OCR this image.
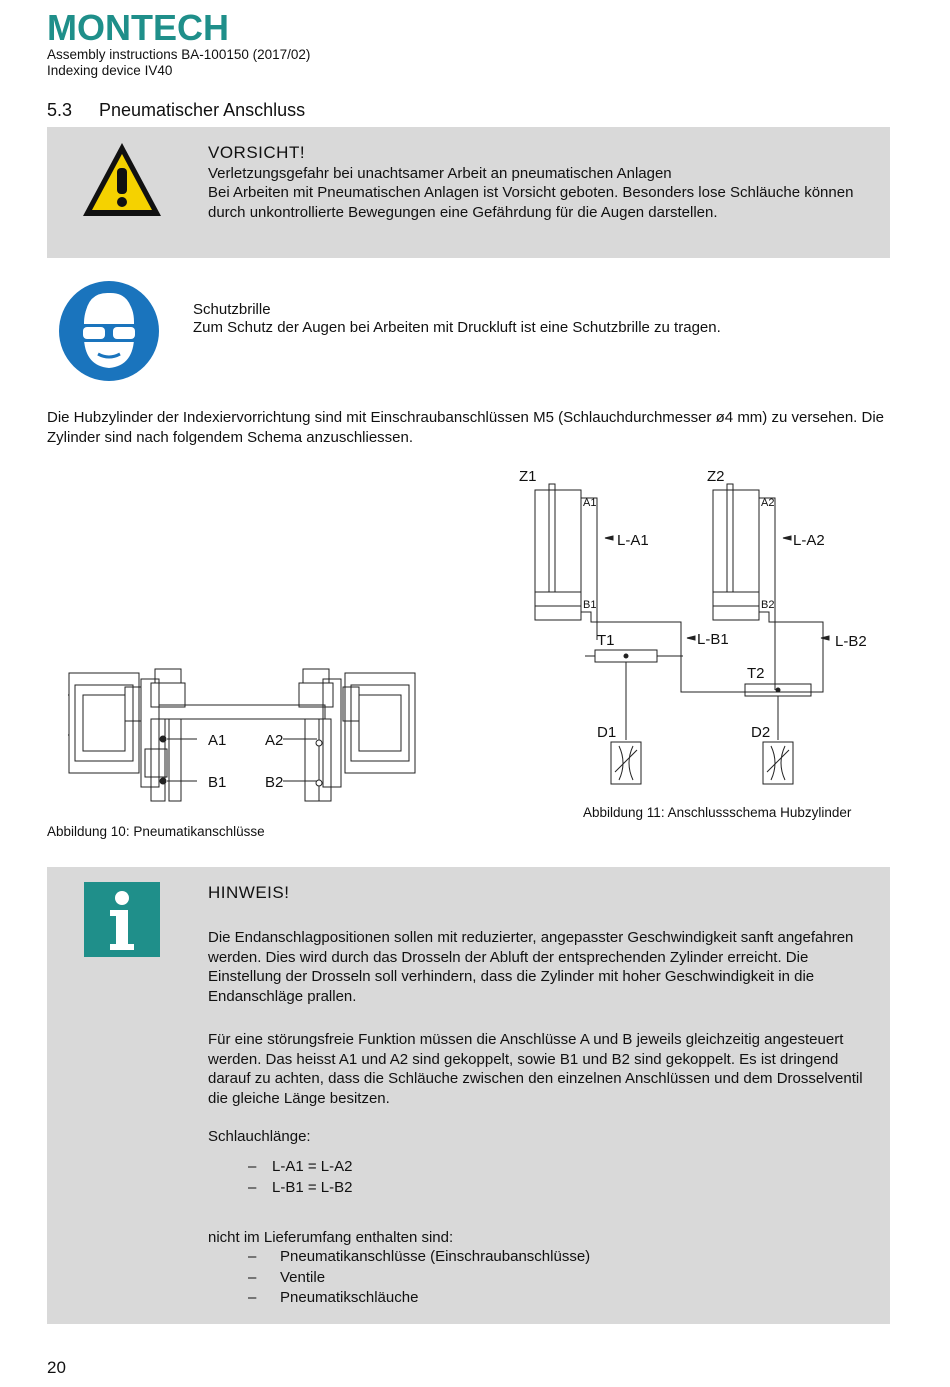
MONTECH
Assembly instructions BA-100150 (2017/02)
Indexing device IV40
5.3 Pneumatischer Anschluss
VORSICHT!
Verletzungsgefahr bei unachtsamer Arbeit an pneumatischen Anlagen
Bei Arbeiten mit Pneumatischen Anlagen ist Vorsicht geboten. Besonders lose Schläuche können durch unkontrollierte Bewegungen eine Gefährdung für die Augen darstellen.
Schutzbrille
Zum Schutz der Augen bei Arbeiten mit Druckluft ist eine Schutzbrille zu tragen.
Die Hubzylinder der Indexiervorrichtung sind mit Einschraubanschlüssen M5 (Schlauchdurchmesser ø4 mm) zu versehen. Die Zylinder sind nach folgendem Schema anzuschliessen.
A1	A2
B1	B2
Abbildung 10: Pneumatikanschlüsse
Z1	Z2
A1	A2
B1	B2
L-A1	L-A2
T1	L-B1	L-B2
T2
D1	D2
Abbildung 11: Anschlussschema Hubzylinder
HINWEIS!
Die Endanschlagpositionen sollen mit reduzierter, angepasster Geschwindigkeit sanft angefahren werden. Dies wird durch das Drosseln der Abluft der entsprechenden Zylinder erreicht. Die Einstellung der Drosseln soll verhindern, dass die Zylinder mit hoher Geschwindigkeit in die Endanschläge prallen.
Für eine störungsfreie Funktion müssen die Anschlüsse A und B jeweils gleichzeitig angesteuert werden. Das heisst A1 und A2 sind gekoppelt, sowie B1 und B2 sind gekoppelt. Es ist dringend darauf zu achten, dass die Schläuche zwischen den einzelnen Anschlüssen und dem Drosselventil die gleiche Länge besitzen.
Schlauchlänge:
– L-A1 = L-A2
– L-B1 = L-B2
nicht im Lieferumfang enthalten sind:
– Pneumatikanschlüsse (Einschraubanschlüsse)
– Ventile
– Pneumatikschläuche
20
